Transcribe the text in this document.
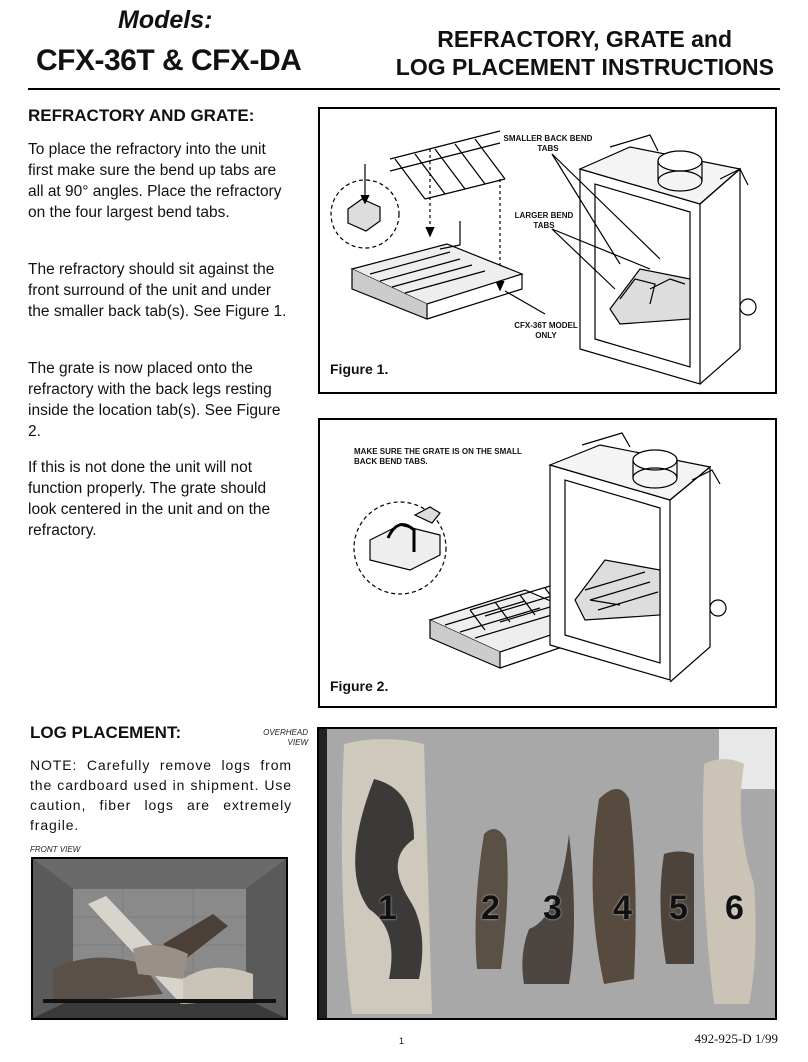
Models:
CFX-36T & CFX-DA
REFRACTORY, GRATE and
LOG PLACEMENT INSTRUCTIONS
REFRACTORY AND GRATE:
To place the refractory into the unit first make sure the bend up tabs are all at 90° angles. Place the refractory on the four largest bend tabs.
The refractory should sit against the front surround of the unit and under the smaller back tab(s). See Figure 1.
The grate is now placed onto the refractory with the back legs resting inside the location tab(s). See Figure 2.
If this is not done the unit will not function properly. The grate should look centered in the unit and on the refractory.
SMALLER BACK BEND TABS
LARGER BEND TABS
CFX-36T MODEL ONLY
Figure 1.
MAKE SURE THE GRATE IS ON THE SMALL BACK BEND TABS.
Figure 2.
LOG PLACEMENT:	OVERHEAD VIEW
NOTE: Carefully remove logs from the cardboard used in shipment. Use caution, fiber logs are extremely fragile.
FRONT VIEW
1 2 3 4 5 6
1	492-925-D 1/99
